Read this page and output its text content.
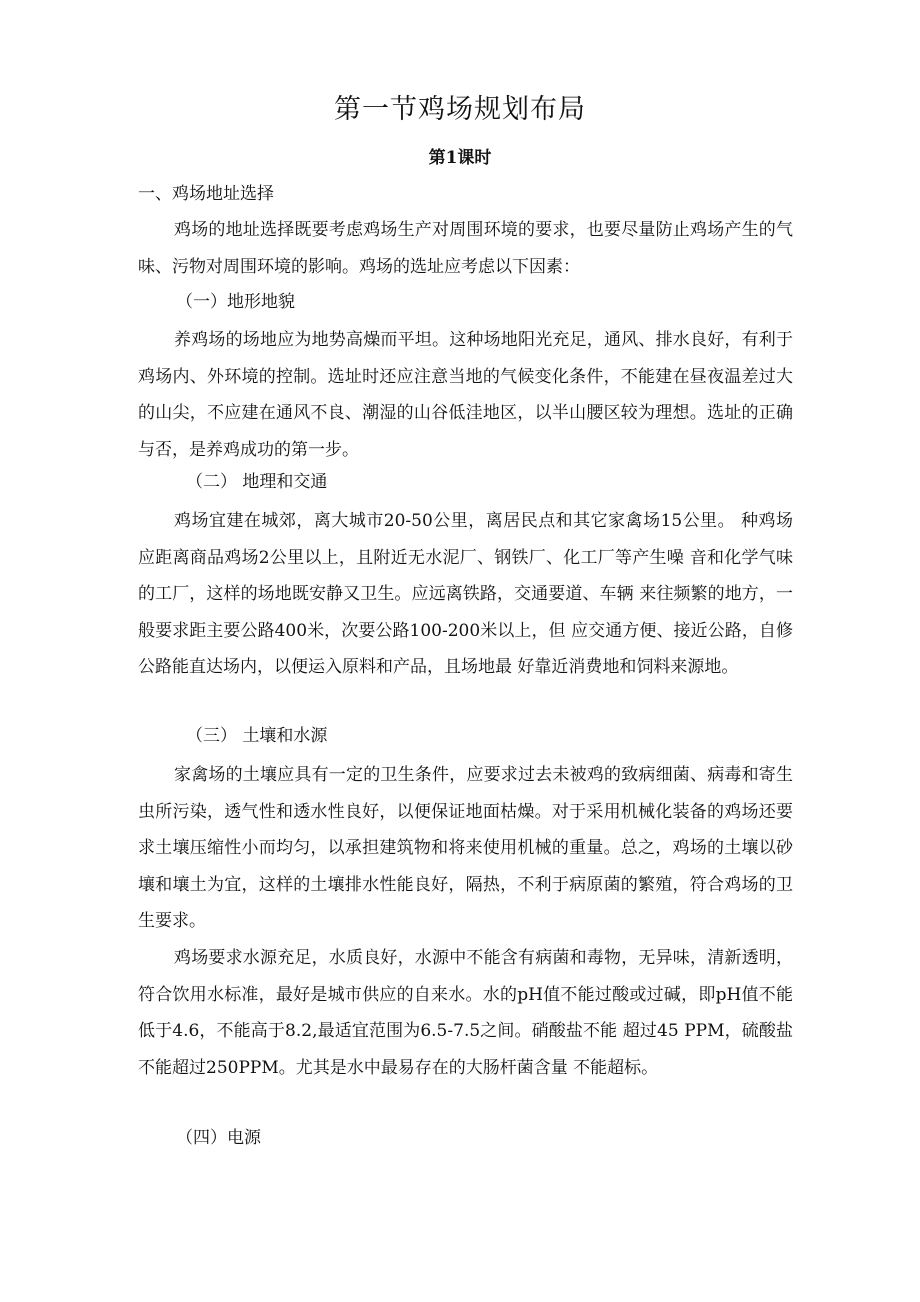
第一节鸡场规划布局
第1课时
一、鸡场地址选择

鸡场的地址选择既要考虑鸡场生产对周围环境的要求，也要尽量防止鸡场产生的气味、污物对周围环境的影响。鸡场的选址应考虑以下因素：

（一）地形地貌

养鸡场的场地应为地势高燥而平坦。这种场地阳光充足，通风、排水良好，有利于鸡场内、外环境的控制。选址时还应注意当地的气候变化条件，不能建在昼夜温差过大的山尖，不应建在通风不良、潮湿的山谷低洼地区，以半山腰区较为理想。选址的正确与否，是养鸡成功的第一步。

（二） 地理和交通

鸡场宜建在城郊，离大城市20-50公里，离居民点和其它家禽场15公里。 种鸡场应距离商品鸡场2公里以上，且附近无水泥厂、钢铁厂、化工厂等产生噪 音和化学气味的工厂，这样的场地既安静又卫生。应远离铁路，交通要道、车辆 来往频繁的地方，一般要求距主要公路400米，次要公路100-200米以上，但 应交通方便、接近公路，自修公路能直达场内，以便运入原料和产品，且场地最 好靠近消费地和饲料来源地。

（三） 土壤和水源

家禽场的土壤应具有一定的卫生条件，应要求过去未被鸡的致病细菌、病毒和寄生虫所污染，透气性和透水性良好，以便保证地面枯燥。对于采用机械化装备的鸡场还要求土壤压缩性小而均匀，以承担建筑物和将来使用机械的重量。总之，鸡场的土壤以砂壤和壤土为宜，这样的土壤排水性能良好，隔热，不利于病原菌的繁殖，符合鸡场的卫生要求。

鸡场要求水源充足，水质良好，水源中不能含有病菌和毒物，无异味，清新透明，符合饮用水标准，最好是城市供应的自来水。水的pH值不能过酸或过碱，即pH值不能低于4.6，不能高于8.2,最适宜范围为6.5-7.5之间。硝酸盐不能 超过45 PPM，硫酸盐不能超过250PPM。尤其是水中最易存在的大肠杆菌含量 不能超标。

（四）电源
